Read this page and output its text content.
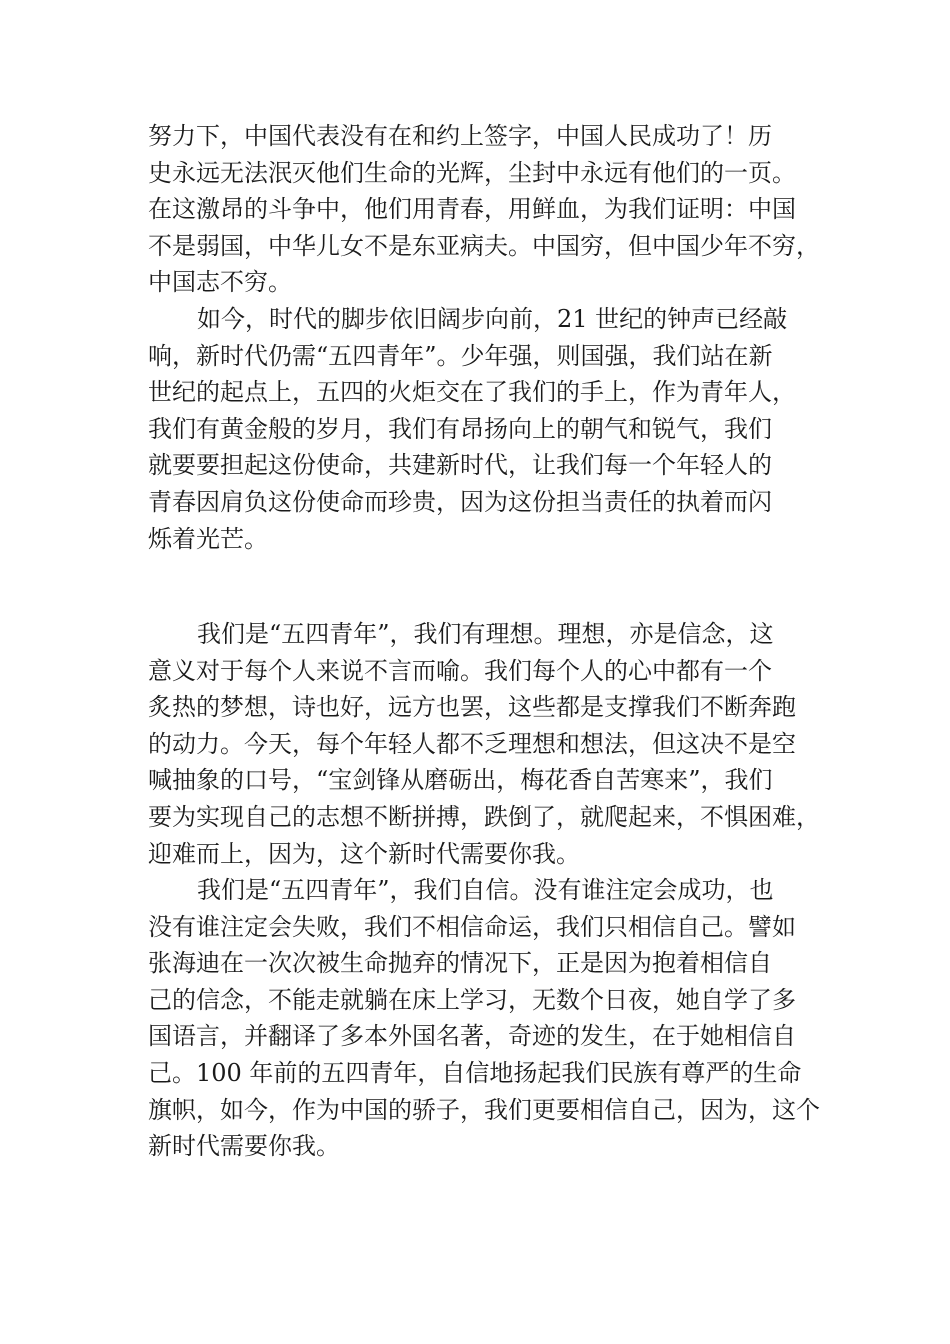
努力下，中国代表没有在和约上签字，中国人民成功了！历
史永远无法泯灭他们生命的光辉，尘封中永远有他们的一页。
在这激昂的斗争中，他们用青春，用鲜血，为我们证明：中国
不是弱国，中华儿女不是东亚病夫。中国穷，但中国少年不穷，
中国志不穷。
如今，时代的脚步依旧阔步向前，21 世纪的钟声已经敲
响，新时代仍需“五四青年”。少年强，则国强，我们站在新
世纪的起点上，五四的火炬交在了我们的手上，作为青年人，
我们有黄金般的岁月，我们有昂扬向上的朝气和锐气，我们
就要要担起这份使命，共建新时代，让我们每一个年轻人的
青春因肩负这份使命而珍贵，因为这份担当责任的执着而闪
烁着光芒。
我们是“五四青年”，我们有理想。理想，亦是信念，这
意义对于每个人来说不言而喻。我们每个人的心中都有一个
炙热的梦想，诗也好，远方也罢，这些都是支撑我们不断奔跑
的动力。今天，每个年轻人都不乏理想和想法，但这决不是空
喊抽象的口号，“宝剑锋从磨砺出，梅花香自苦寒来”，我们
要为实现自己的志想不断拼搏，跌倒了，就爬起来，不惧困难，
迎难而上，因为，这个新时代需要你我。
我们是“五四青年”，我们自信。没有谁注定会成功，也
没有谁注定会失败，我们不相信命运，我们只相信自己。譬如
张海迪在一次次被生命抛弃的情况下，正是因为抱着相信自
己的信念，不能走就躺在床上学习，无数个日夜，她自学了多
国语言，并翻译了多本外国名著，奇迹的发生，在于她相信自
己。100 年前的五四青年，自信地扬起我们民族有尊严的生命
旗帜，如今，作为中国的骄子，我们更要相信自己，因为，这个
新时代需要你我。
